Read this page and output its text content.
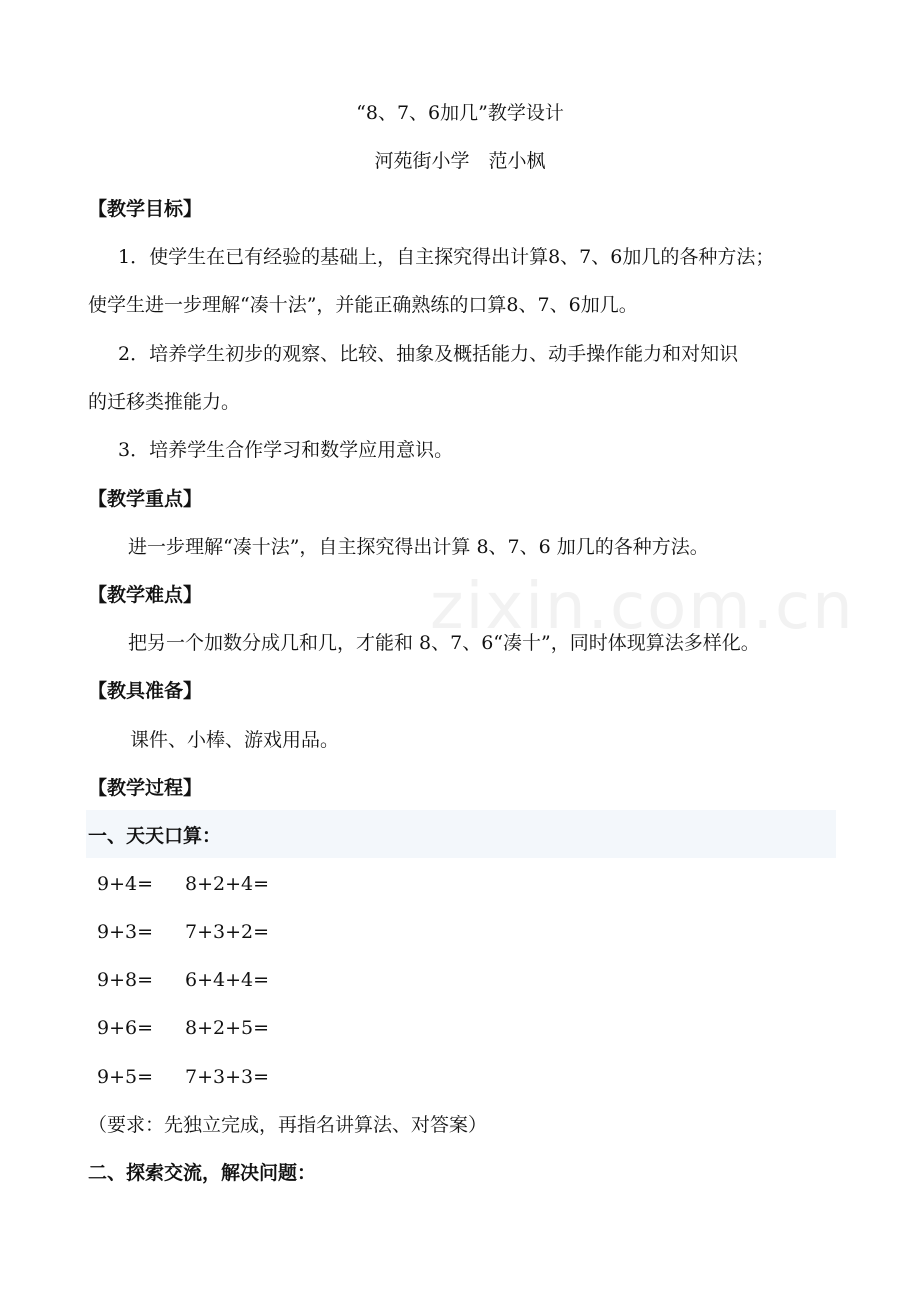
zixin.com.cn
“8、7、6加几”教学设计
河苑街小学　范小枫
【教学目标】
1．使学生在已有经验的基础上，自主探究得出计算8、7、6加几的各种方法；
使学生进一步理解“凑十法”，并能正确熟练的口算8、7、6加几。
2．培养学生初步的观察、比较、抽象及概括能力、动手操作能力和对知识
的迁移类推能力。
3．培养学生合作学习和数学应用意识。
【教学重点】
进一步理解“凑十法”，自主探究得出计算 8、7、6 加几的各种方法。
【教学难点】
把另一个加数分成几和几，才能和 8、7、6“凑十”，同时体现算法多样化。
【教具准备】
课件、小棒、游戏用品。
【教学过程】
一、天天口算：
9+4= 8+2+4=
9+3= 7+3+2=
9+8= 6+4+4=
9+6= 8+2+5=
9+5= 7+3+3=
（要求：先独立完成，再指名讲算法、对答案）
二、探索交流，解决问题：
